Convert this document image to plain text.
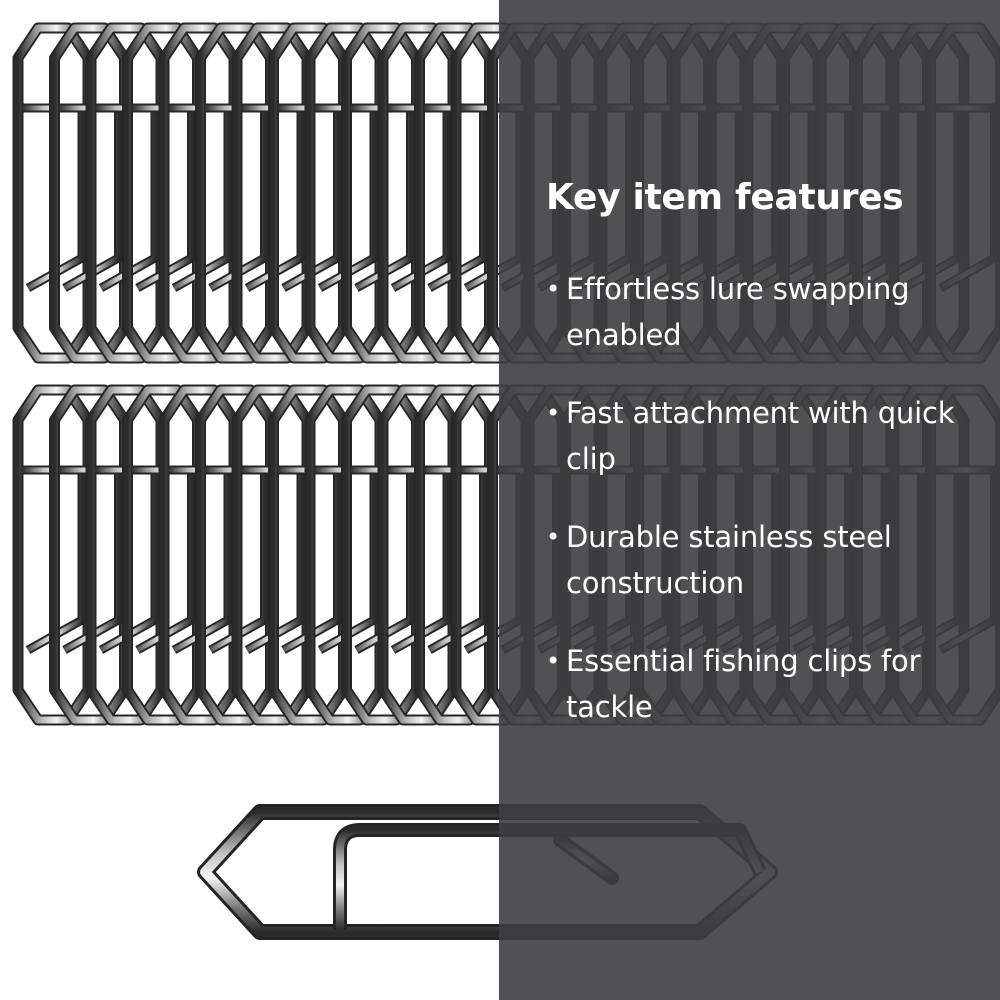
Key item features
• Effortless lure swapping enabled
• Fast attachment with quick clip
• Durable stainless steel construction
• Essential fishing clips for tackle
